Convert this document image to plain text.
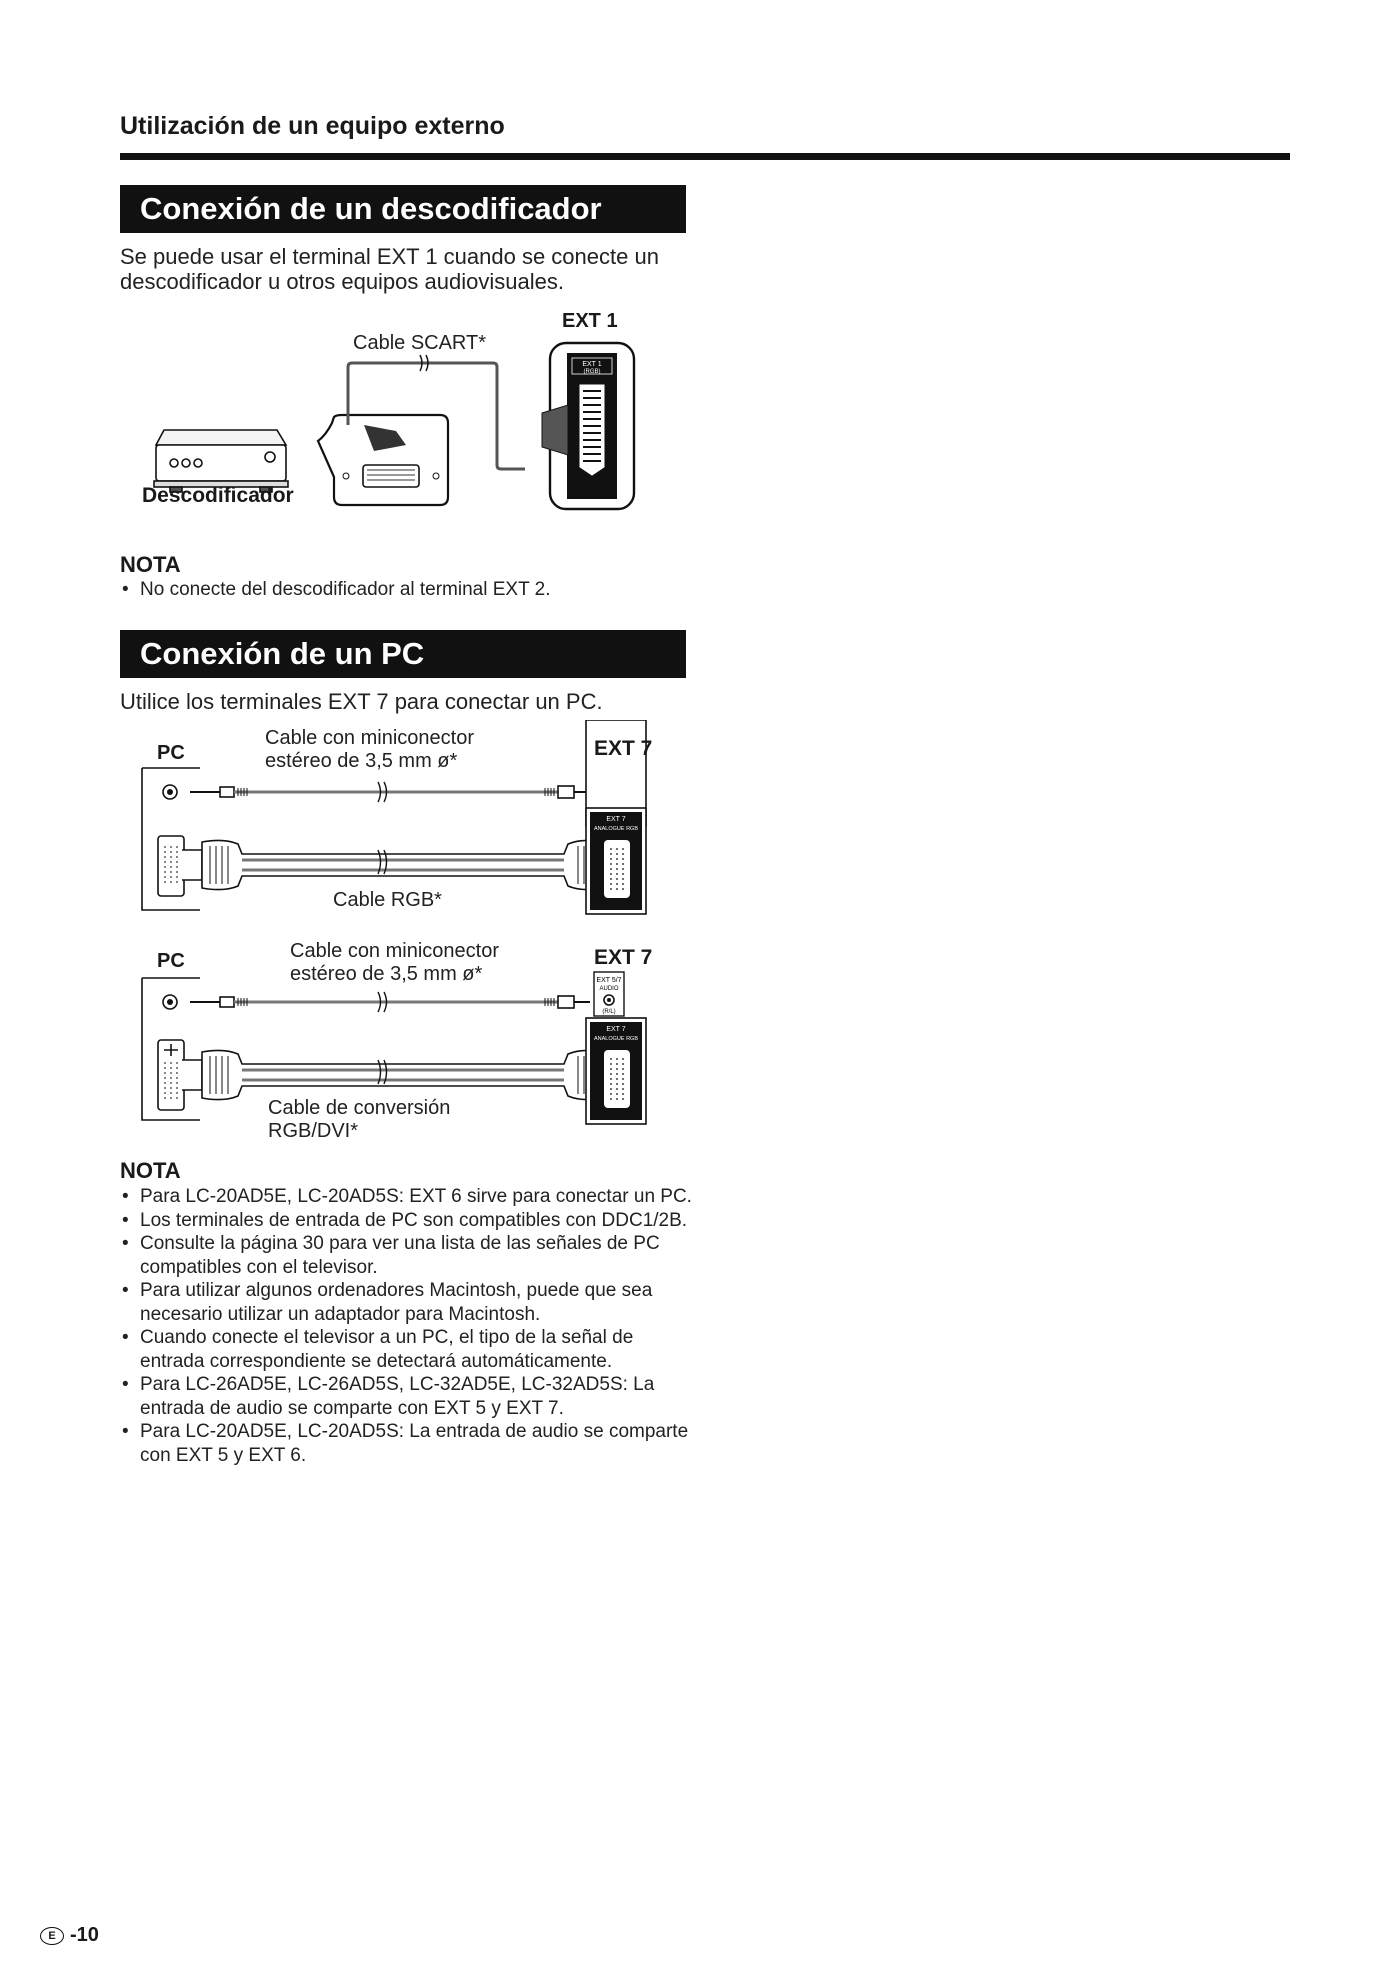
Utilización de un equipo externo
Conexión de un descodificador
Se puede usar el terminal EXT 1 cuando se conecte un descodificador u otros equipos audiovisuales.
EXT 1
(RGB)
Cable SCART*
EXT 1
Descodificador
NOTA
• No conecte del descodificador al terminal EXT 2.
Conexión de un PC
Utilice los terminales EXT 7 para conectar un PC.
EXT 7
ANALOGUE RGB
PC
Cable con miniconector
estéreo de 3,5 mm ø*
EXT 7
Cable RGB*
EXT 5/7
AUDIO
(R/L)
EXT 7
ANALOGUE RGB
PC	Cable con miniconector
estéreo de 3,5 mm ø*
EXT 7
Cable de conversión
RGB/DVI*
NOTA
• Para LC-20AD5E, LC-20AD5S: EXT 6 sirve para conectar un PC.
• Los terminales de entrada de PC son compatibles con DDC1/2B.
• Consulte la página 30 para ver una lista de las señales de PC compatibles con el televisor.
• Para utilizar algunos ordenadores Macintosh, puede que sea necesario utilizar un adaptador para Macintosh.
• Cuando conecte el televisor a un PC, el tipo de la señal de entrada correspondiente se detectará automáticamente.
• Para LC-26AD5E, LC-26AD5S, LC-32AD5E, LC-32AD5S: La entrada de audio se comparte con EXT 5 y EXT 7.
• Para LC-20AD5E, LC-20AD5S: La entrada de audio se comparte con EXT 5 y EXT 6.
E -10
